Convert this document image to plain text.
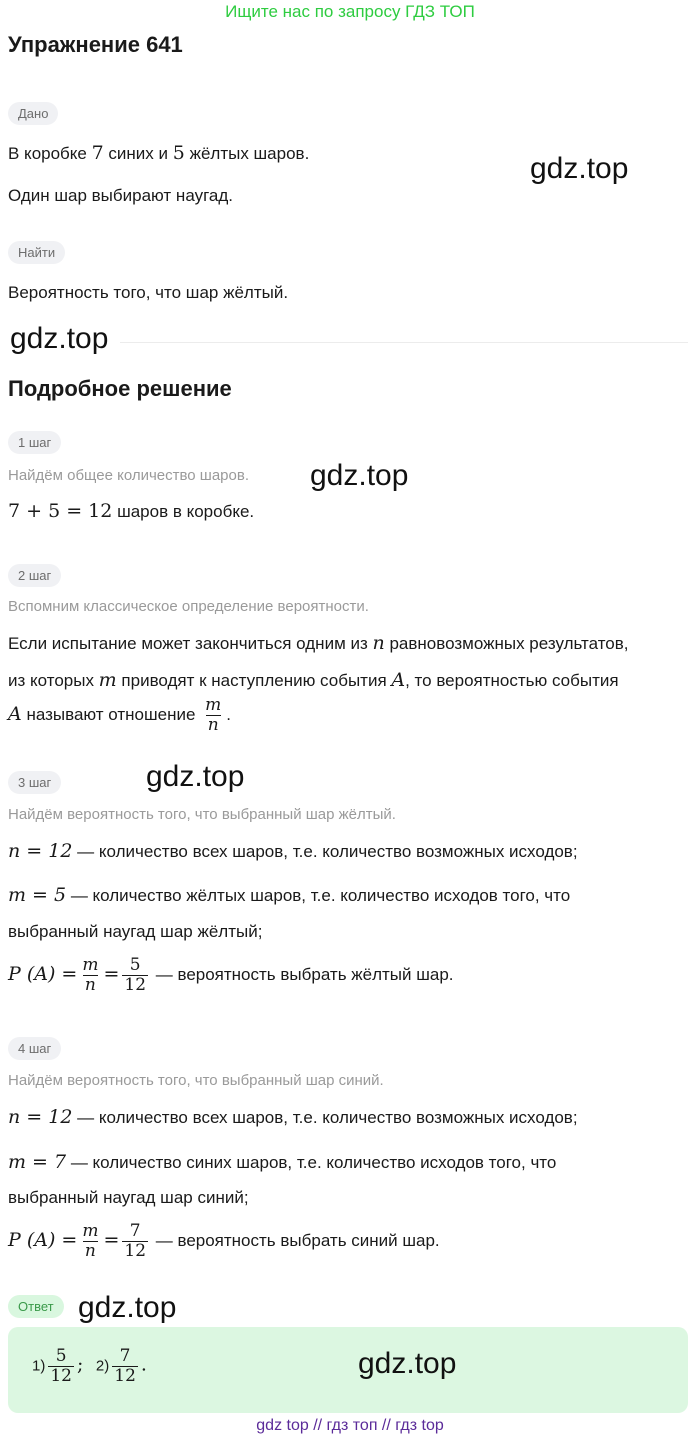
Ищите нас по запросу ГДЗ ТОП
Упражнение 641
Дано
В коробке 7 синих и 5 жёлтых шаров.
Один шар выбирают наугад.
gdz.top
Найти
Вероятность того, что шар жёлтый.
gdz.top
Подробное решение
1 шаг
Найдём общее количество шаров. gdz.top
7 + 5 = 12 шаров в коробке.
2 шаг
Вспомним классическое определение вероятности.
Если испытание может закончиться одним из n равновозможных результатов,
из которых m приводят к наступлению события A, то вероятностью события
A называют отношение $\frac{m}{n}$ .
3 шаг	gdz.top
Найдём вероятность того, что выбранный шар жёлтый.
n = 12 — количество всех шаров, т.е. количество возможных исходов;
m = 5 — количество жёлтых шаров, т.е. количество исходов того, что
выбранный наугад шар жёлтый;
P $(A) = \frac{m}{n} = \frac{5}{12}$ — вероятность выбрать жёлтый шар.
4 шаг
Найдём вероятность того, что выбранный шар синий.
n = 12 — количество всех шаров, т.е. количество возможных исходов;
m = 7 — количество синих шаров, т.е. количество исходов того, что
выбранный наугад шар синий;
P $(A) = \frac{m}{n} = \frac{7}{12}$ — вероятность выбрать синий шар.
Ответ gdz.top
$1) \frac{5}{12}$ ; $2) \frac{7}{12}$ .	gdz.top
gdz top // гдз топ // гдз top
